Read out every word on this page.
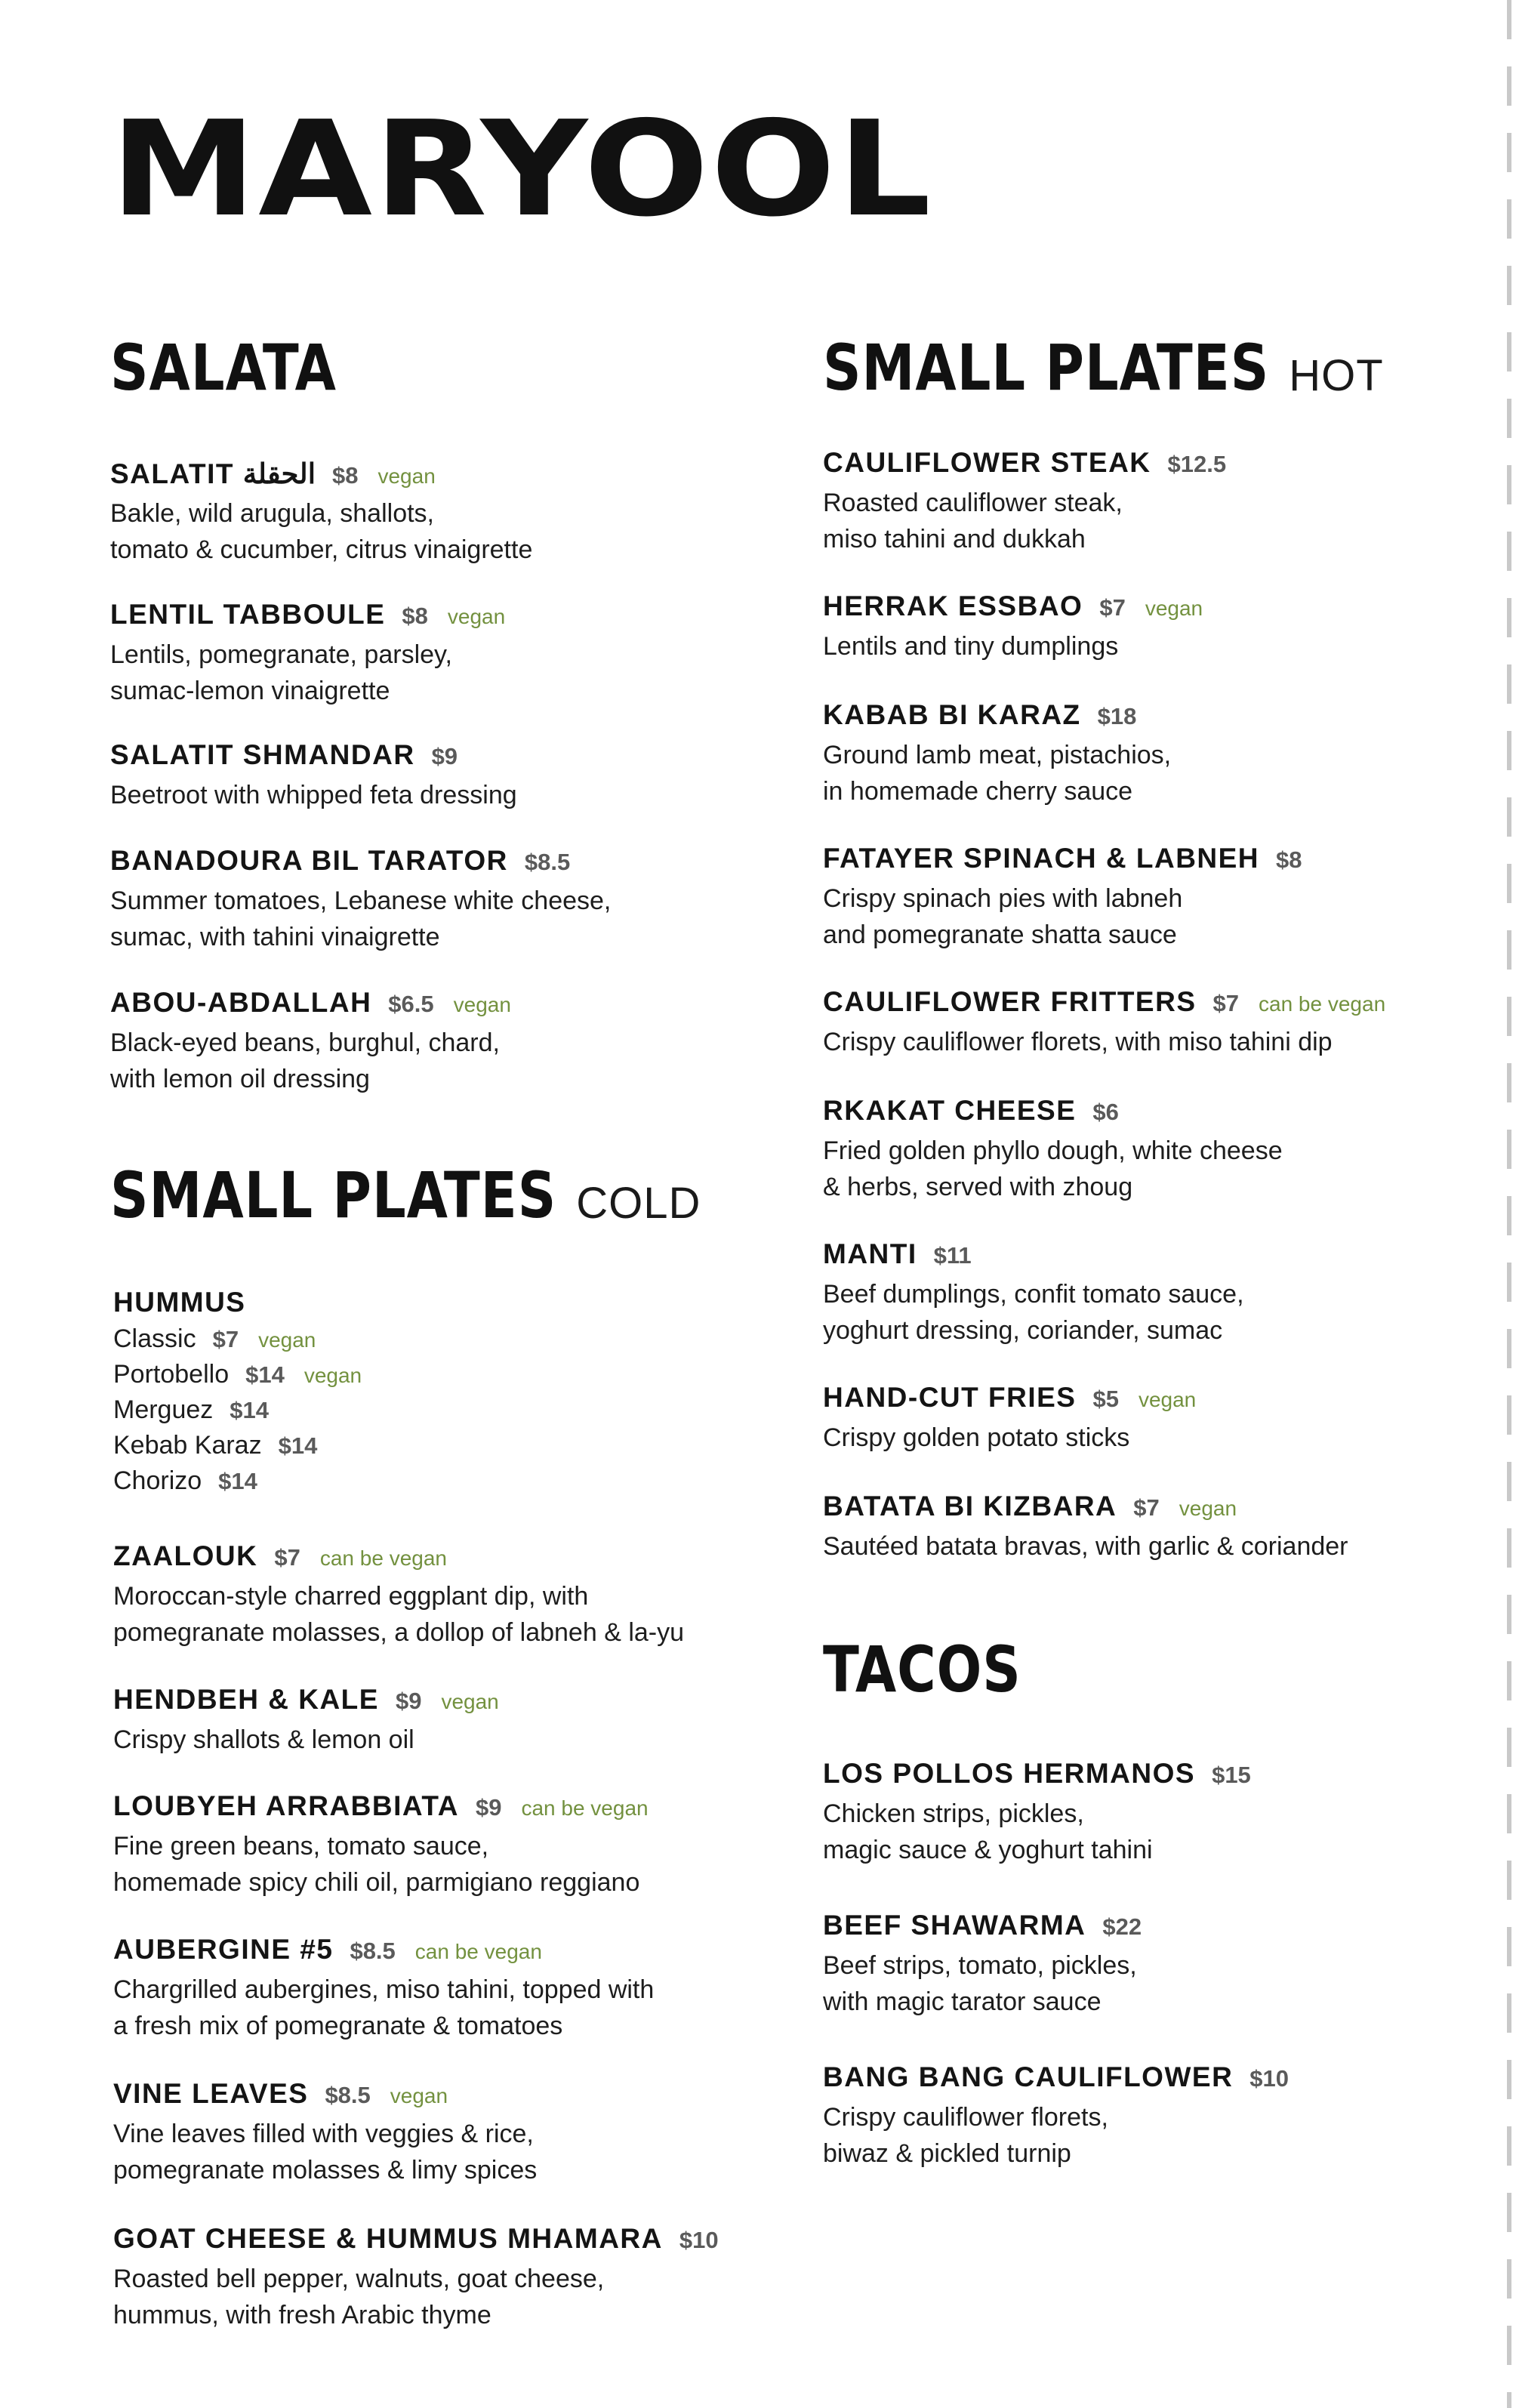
MARYOOL
SALATA
SALATIT الحقلة $8 vegan
Bakle, wild arugula, shallots,
tomato & cucumber, citrus vinaigrette
LENTIL TABBOULE $8 vegan
Lentils, pomegranate, parsley,
sumac-lemon vinaigrette
SALATIT SHMANDAR $9
Beetroot with whipped feta dressing
BANADOURA BIL TARATOR $8.5
Summer tomatoes, Lebanese white cheese,
sumac, with tahini vinaigrette
ABOU-ABDALLAH $6.5 vegan
Black-eyed beans, burghul, chard,
with lemon oil dressing
SMALL PLATES COLD
HUMMUS
Classic $7 vegan
Portobello $14 vegan
Merguez $14
Kebab Karaz $14
Chorizo $14
ZAALOUK $7 can be vegan
Moroccan-style charred eggplant dip, with
pomegranate molasses, a dollop of labneh & la-yu
HENDBEH & KALE $9 vegan
Crispy shallots & lemon oil
LOUBYEH ARRABBIATA $9 can be vegan
Fine green beans, tomato sauce,
homemade spicy chili oil, parmigiano reggiano
AUBERGINE #5 $8.5 can be vegan
Chargrilled aubergines, miso tahini, topped with
a fresh mix of pomegranate & tomatoes
VINE LEAVES $8.5 vegan
Vine leaves filled with veggies & rice,
pomegranate molasses & limy spices
GOAT CHEESE & HUMMUS MHAMARA $10
Roasted bell pepper, walnuts, goat cheese,
hummus, with fresh Arabic thyme
SMALL PLATES HOT
CAULIFLOWER STEAK $12.5
Roasted cauliflower steak,
miso tahini and dukkah
HERRAK ESSBAO $7 vegan
Lentils and tiny dumplings
KABAB BI KARAZ $18
Ground lamb meat, pistachios,
in homemade cherry sauce
FATAYER SPINACH & LABNEH $8
Crispy spinach pies with labneh
and pomegranate shatta sauce
CAULIFLOWER FRITTERS $7 can be vegan
Crispy cauliflower florets, with miso tahini dip
RKAKAT CHEESE $6
Fried golden phyllo dough, white cheese
& herbs, served with zhoug
MANTI $11
Beef dumplings, confit tomato sauce,
yoghurt dressing, coriander, sumac
HAND-CUT FRIES $5 vegan
Crispy golden potato sticks
BATATA BI KIZBARA $7 vegan
Sautéed batata bravas, with garlic & coriander
TACOS
LOS POLLOS HERMANOS $15
Chicken strips, pickles,
magic sauce & yoghurt tahini
BEEF SHAWARMA $22
Beef strips, tomato, pickles,
with magic tarator sauce
BANG BANG CAULIFLOWER $10
Crispy cauliflower florets,
biwaz & pickled turnip
